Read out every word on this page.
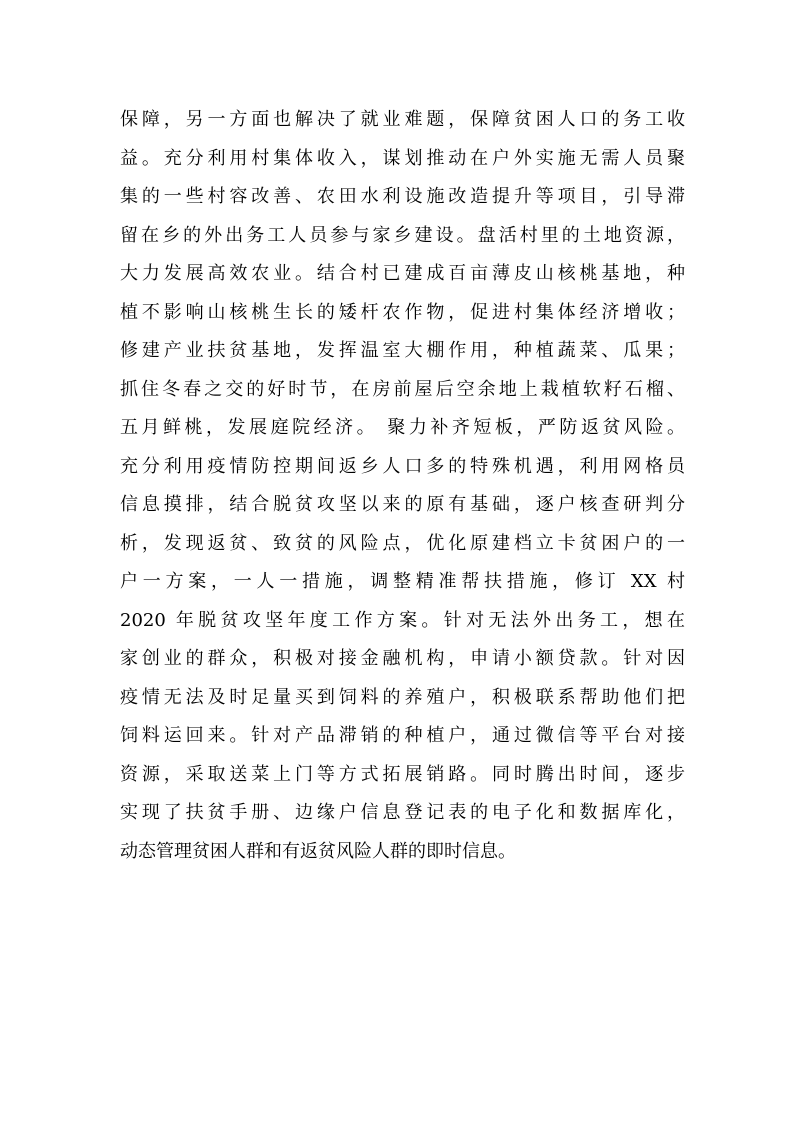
保障，另一方面也解决了就业难题，保障贫困人口的务工收
益。充分利用村集体收入，谋划推动在户外实施无需人员聚
集的一些村容改善、农田水利设施改造提升等项目，引导滞
留在乡的外出务工人员参与家乡建设。盘活村里的土地资源，
大力发展高效农业。结合村已建成百亩薄皮山核桃基地，种
植不影响山核桃生长的矮杆农作物，促进村集体经济增收；
修建产业扶贫基地，发挥温室大棚作用，种植蔬菜、瓜果；
抓住冬春之交的好时节，在房前屋后空余地上栽植软籽石榴、
五月鲜桃，发展庭院经济。 聚力补齐短板，严防返贫风险。
充分利用疫情防控期间返乡人口多的特殊机遇，利用网格员
信息摸排，结合脱贫攻坚以来的原有基础，逐户核查研判分
析，发现返贫、致贫的风险点，优化原建档立卡贫困户的一
户一方案，一人一措施，调整精准帮扶措施，修订 XX 村
2020 年脱贫攻坚年度工作方案。针对无法外出务工，想在
家创业的群众，积极对接金融机构，申请小额贷款。针对因
疫情无法及时足量买到饲料的养殖户，积极联系帮助他们把
饲料运回来。针对产品滞销的种植户，通过微信等平台对接
资源，采取送菜上门等方式拓展销路。同时腾出时间，逐步
实现了扶贫手册、边缘户信息登记表的电子化和数据库化，
动态管理贫困人群和有返贫风险人群的即时信息。
